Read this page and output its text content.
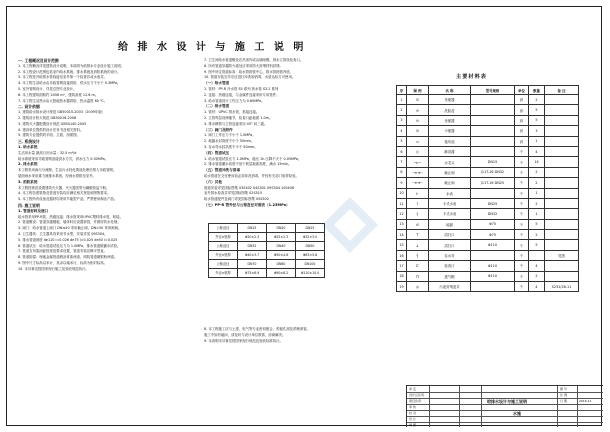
给 排 水 设 计 与 施 工 说 明
一. 工程概况及设计范围
1. 本工程概况详见建筑设计说明，本说明为给排水专业设计施工说明。
2. 本工程设计范围包括室内给水系统、排水系统及消防系统的设计。
3. 本工程室外给排水管线接至室外第一个检查井或水表井。
4. 本工程生活给水由市政管网直接供给，供水压力不小于 0.3MPa。
5. 室外管网设计，详见总图专业设计。
6. 本工程建筑面积约 2456 m²，建筑高度 12.6 m。
7. 本工程生活热水由太阳能热水器供给，热水温度 60 ℃。
二. 设计依据
1. 建筑给水排水设计规范 GB50015-2003（2009年版）
2. 建筑设计防火规范 GB50016-2006
3. 建筑灭火器配置设计规范 GB50140-2005
4. 建设单位提供的设计任务书及相关资料。
5. 建筑专业提供的平面、立面、剖面图。
三. 系统设计
1. 给水系统
生活用水量 最高日用水量：32.5 m³/d
给水系统采用市政管网直接供水方式，供水压力 0.30MPa。
2. 排水系统
本工程采用雨污分流制，生活污水经化粪池处理后排入市政管网。
屋面雨水采用重力流排水系统，经雨水管排至室外。
3. 消防系统
本工程按规范设置建筑灭火器，灭火器类型为磷酸铵盐干粉。
4. 本工程各建筑物及管道安装均应满足相关规范和图集要求。
5. 本工程所有设备及器材均采用节能型产品，严禁使用淘汰产品。
四. 施工说明
1. 管道材料及接口
给水管采用PP-R管，热熔连接；排水管采用UPVC塑料排水管，粘接。
2. 管道敷设：管道穿越楼板、墙体时应设置套管，并做好防水处理。
3. 阀门：给水管道上阀门 DN≤50 采用截止阀，DN>50 采用闸阀。
4. 卫生器具：卫生器具均采用节水型，安装详见 09S304。
5. 排水管道坡度 de110 i=0.026 de75 i=0.025 de50 i=0.025
6. 管道试压：给水管道试验压力为 1.0MPa，排水管道做灌水试验。
7. 管道支吊架间距按规范要求设置，管道安装应横平竖直。
8. 管道防腐：埋地金属管道刷沥青漆两道，明装管道刷银粉两道。
9. 图中尺寸标高以米计，其余以毫米计，标高为相对标高。
10. 未尽事宜按国家现行施工及验收规范执行。
7. 卫生间给水管道敷设在吊顶内或沿墙暗敷，排水立管设检查口。
8. 所有管道穿越防火墙处应采用防火封堵材料封堵。
9. 图中所注管道标高：给水管指管中心，排水管指管内底。
10. 管道安装完毕后应进行冲洗和消毒，水质达标方可使用。
（一）给水管道
1. 管材：PP-R 冷水管 S5 系列 热水管 S3.2 系列
2. 连接：热熔连接，与金属件连接采用专用管件。
3. 给水管道设计工作压力为 0.60MPa。
（二）排水管道
1. 管材：UPVC 排水管，粘接连接。
2. 立管每层设伸缩节，检查口距地面 1.0m。
3. 排水横管与立管连接采用 45° 斜三通。
（三）阀门及附件
1. 阀门工作压力不小于 1.0MPa。
2. 地漏水封高度不小于 50mm。
3. 存水弯水封高度不小于 50mm。
（四）管道试压
1. 给水管道试验压力 1.0MPa，稳压 1h 压降不大于 0.05MPa。
2. 排水管道灌水高度不低于底层地面高度，满水 15min。
（五）管道冲洗与消毒
给水管道在交付使用前必须冲洗消毒，并经有关部门取样检验。
（六）其他
管道安装详见国标图集 03S402 04S301 09S304 10S406
室外排水检查井详见国标图集 02S515
给水管道配件及阀门详见国标图集 05S502
（七）PP-R 管外径与公称直径对照表（1.25MPa）
公称直径	DN15	DN20	DN25
外径×壁厚	Φ20×2.3	Φ25×2.3	Φ32×3.0
公称直径	DN32	DN40	DN50
外径×壁厚	Φ40×3.7	Φ50×4.6	Φ63×5.8
公称直径	DN70	DN80	DN100
外径×壁厚	Φ75×6.9	Φ90×8.2	Φ110×10.0
8. 本工程施工应与土建、电气等专业密切配合，预留孔洞及预埋套管。
施工中如有疑问，请及时与设计单位联系，协商解决。
9. 本说明未尽事宜按国家现行规范及验收标准执行。
主要材料表
序	图 例	名 称	型号规格	单位	数量	备 注
1	⊡	坐便器		套	2	
2	⊖	洗脸盆		套	5	
3	⊙	坐便器		套	5	
4	⊡	小便器		套	3	
5	▭	拖布池		套	1	
6	◯	淋浴器		个	4	
7	—▷—	水龙头	DN15	个	14	
8	—⊳⊲—	截止阀	J11T-16 DN32	个	2	
9	—⊳⊲—	截止阀	J11T-16 DN25	个	2	
10	⊢	水表		个	1	
11	⌇	卡式水表	DN25	个	2	
12	▯	卡式水表	DN32	个	1	
13	⌀	地漏	Φ75	个	5	
14	⊤	清扫口	Φ75	个	2	
15	⊥	清扫口	Φ110	个	5	
16	┤	存水弯		个		见图
17	⊏	检查口	Φ110	个	4	
18	⊓	透气帽	Φ110	个	2	
19	◎	污泥封堵盖井		个	4	S231/28-11
审 定
设计总负责
项目负责
审 核
校 对
设 计
制 图
给排水设计与施工说明
水施
图 号
比 例
日 期	2016.11
